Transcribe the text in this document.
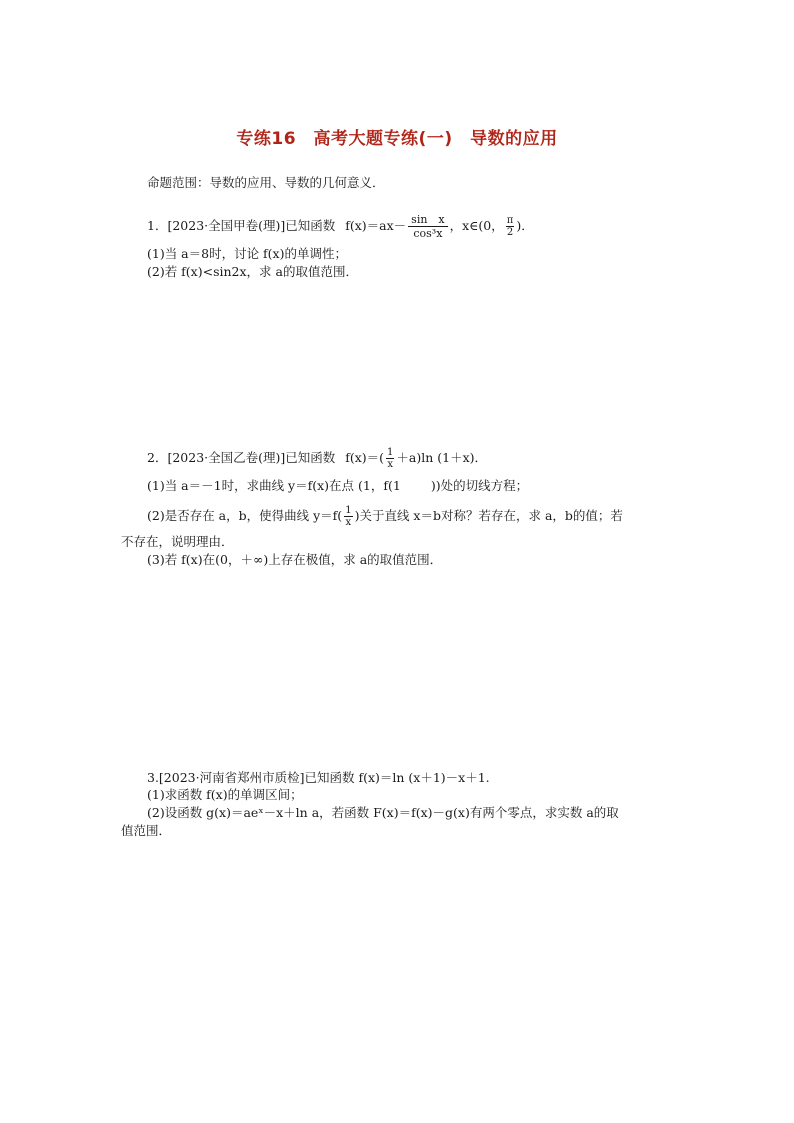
专练16　高考大题专练(一)　导数的应用
命题范围：导数的应用、导数的几何意义．
1．[2023·全国甲卷(理)]已知函数 $f(x)=ax- \frac{\text{sin　x}}{\text{cos³x}}$ ，x∈(0， $\frac{\pi}{2}$ )．
(1)当 a＝8时，讨论 f(x)的单调性；
(2)若 f(x)<sin2x，求 a的取值范围．
2．[2023·全国乙卷(理)]已知函数 $f(x)=( \frac{1}{x} +a)\ln$ (1＋x)．
(1)当 a＝－1时，求曲线 y＝f(x)在点 (1，f(1 ))处的切线方程；
(2)是否存在 a，b，使得曲线 $y=f( \frac{1}{x}$ )关于直线 x＝b对称？若存在，求 a，b的值；若
不存在，说明理由．
(3)若 f(x)在(0，＋∞)上存在极值，求 a的取值范围．
3.[2023·河南省郑州市质检]已知函数 f(x)＝ln (x＋1)－x＋1.
(1)求函数 f(x)的单调区间；
(2)设函数 g(x)＝aeˣ－x＋ln a，若函数 F(x)＝f(x)－g(x)有两个零点，求实数 a的取
值范围．
